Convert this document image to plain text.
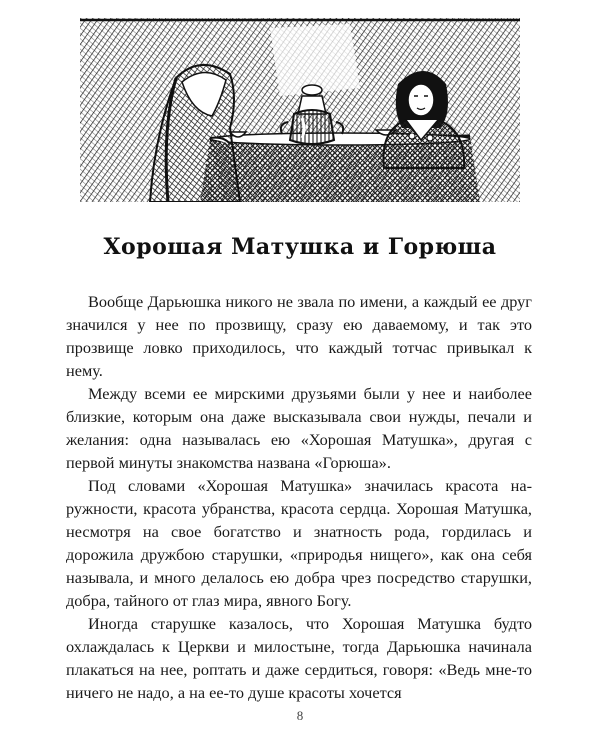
Хорошая Матушка и Горюша

Вообще Дарьюшка никого не звала по имени, а каждый ее друг значился у нее по прозвищу, сразу ею даваемому, и так это прозвище ловко приходилось, что каждый тотчас привыкал к нему.

Между всеми ее мирскими друзьями были у нее и наиболее близкие, которым она даже высказывала свои нужды, печали и желания: одна называлась ею «Хорошая Матушка», другая с первой минуты знакомства названа «Горюша».

Под словами «Хорошая Матушка» значилась красота наружности, красота убранства, красота сердца. Хорошая Матушка, несмотря на свое богатство и знатность рода, гордилась и дорожила дружбою старушки, «природья нищего», как она себя называла, и много делалось ею добра чрез посредство старушки, добра, тайного от глаз мира, явного Богу.

Иногда старушке казалось, что Хорошая Матушка будто охлаждалась к Церкви и милостыне, тогда Дарьюшка начинала плакаться на нее, роптать и даже сердиться, говоря: «Ведь мне-то ничего не надо, а на ее-то душе красоты хочется

8
